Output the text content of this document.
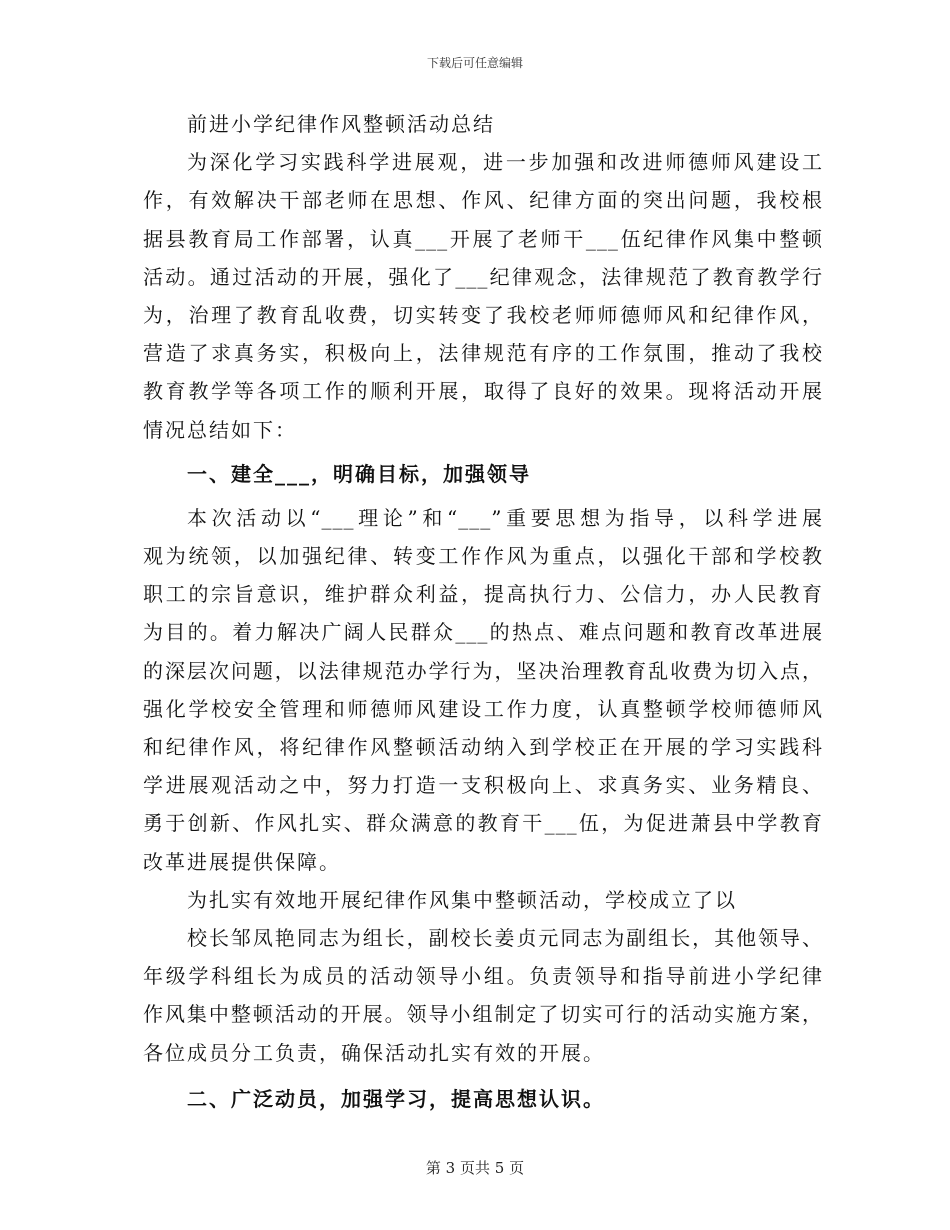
下载后可任意编辑
前进小学纪律作风整顿活动总结
为深化学习实践科学进展观，进一步加强和改进师德师风建设工
作，有效解决干部老师在思想、作风、纪律方面的突出问题，我校根
据县教育局工作部署，认真___开展了老师干___伍纪律作风集中整顿
活动。通过活动的开展，强化了___纪律观念，法律规范了教育教学行
为，治理了教育乱收费，切实转变了我校老师师德师风和纪律作风，
营造了求真务实，积极向上，法律规范有序的工作氛围，推动了我校
教育教学等各项工作的顺利开展，取得了良好的效果。现将活动开展
情况总结如下：
一、建全___，明确目标，加强领导
本次活动以“___理论”和“___”重要思想为指导，以科学进展
观为统领，以加强纪律、转变工作作风为重点，以强化干部和学校教
职工的宗旨意识，维护群众利益，提高执行力、公信力，办人民教育
为目的。着力解决广阔人民群众___的热点、难点问题和教育改革进展
的深层次问题，以法律规范办学行为，坚决治理教育乱收费为切入点，
强化学校安全管理和师德师风建设工作力度，认真整顿学校师德师风
和纪律作风，将纪律作风整顿活动纳入到学校正在开展的学习实践科
学进展观活动之中，努力打造一支积极向上、求真务实、业务精良、
勇于创新、作风扎实、群众满意的教育干___伍，为促进萧县中学教育
改革进展提供保障。
为扎实有效地开展纪律作风集中整顿活动，学校成立了以
校长邹凤艳同志为组长，副校长姜贞元同志为副组长，其他领导、
年级学科组长为成员的活动领导小组。负责领导和指导前进小学纪律
作风集中整顿活动的开展。领导小组制定了切实可行的活动实施方案，
各位成员分工负责，确保活动扎实有效的开展。
二、广泛动员，加强学习，提高思想认识。
第 3 页共 5 页
